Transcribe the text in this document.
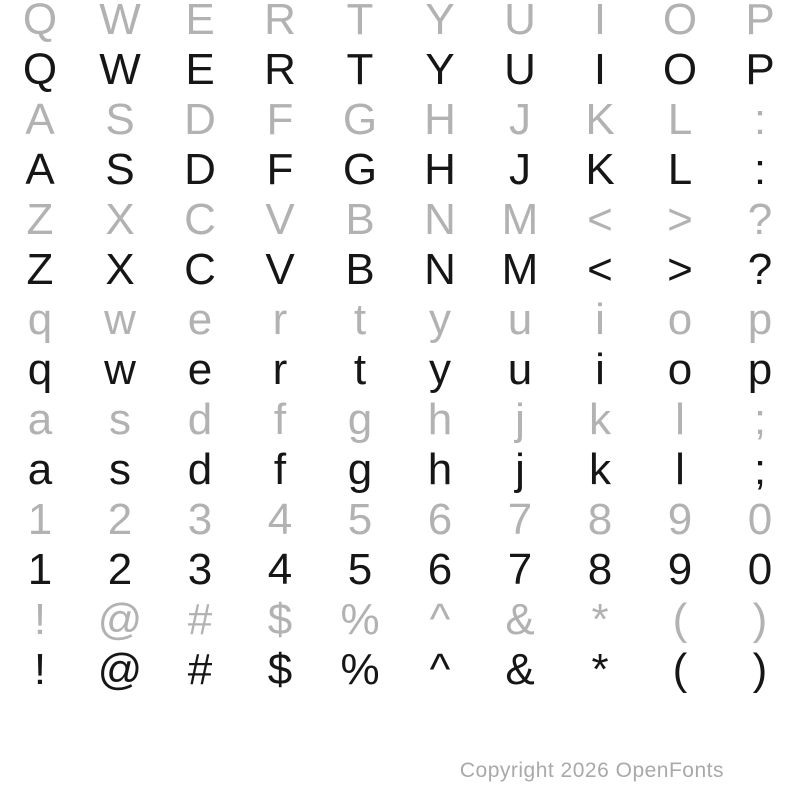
Q W	E	R	T	Y	U	I	O	P
Q W	E	R	T	Y	U	I	O	P
A	S	D	F	G	H	J	K	L	:
A	S	D	F	G	H	J	K	L	:
Z	X	C	V	B	N	M	<	>	?
Z	X	C	V	B	N	M	<	>	?
q	w	e	r	t	y	u	i	o	p
q	w	e	r	t	y	u	i	o	p
a	s	d	f	g	h	j	k	l	;
a	s	d	f	g	h	j	k	l	;
1	2	3	4	5	6	7	8	9	0
1	2	3	4	5	6	7	8	9	0
!	@	#	$	%	^	&	*	(	)
!	@	#	$	%	^	&	*	(	)
Copyright 2026 OpenFonts
